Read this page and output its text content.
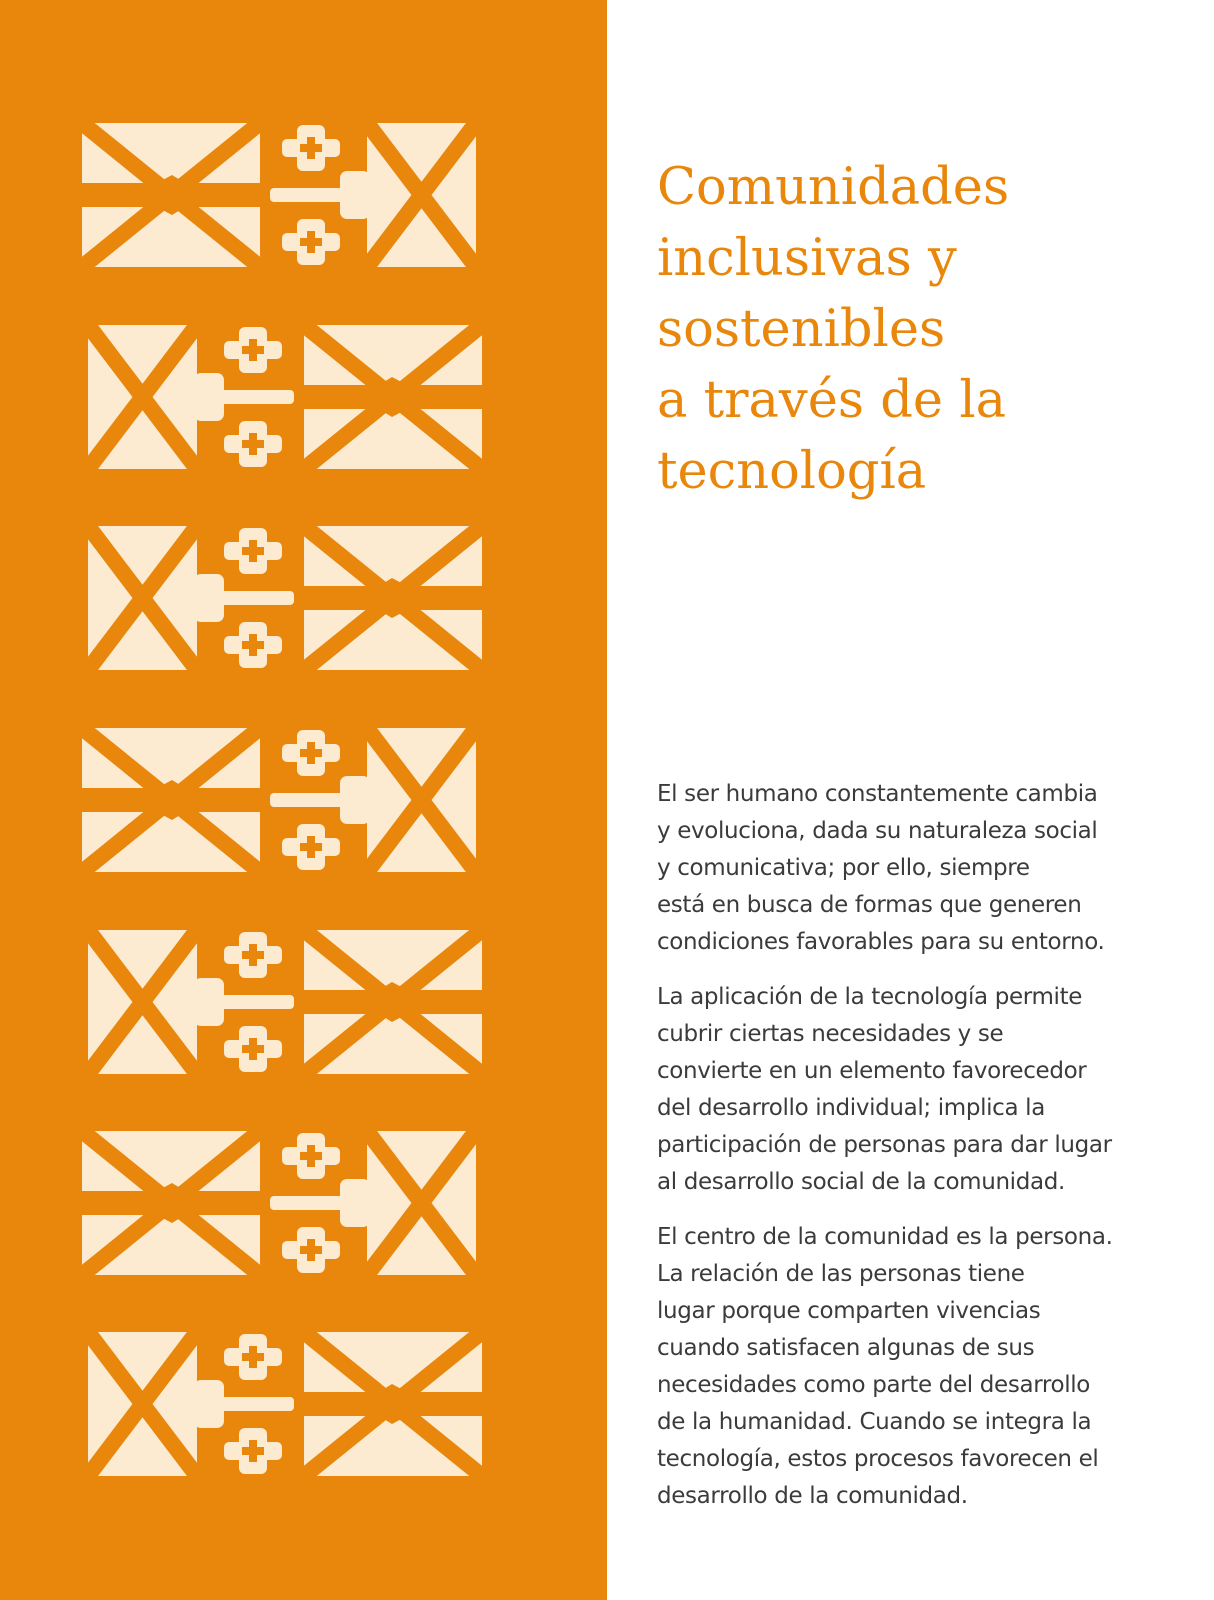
Comunidades
inclusivas y
sostenibles
a través de la
tecnología

El ser humano constantemente cambia
y evoluciona, dada su naturaleza social
y comunicativa; por ello, siempre
está en busca de formas que generen
condiciones favorables para su entorno.

La aplicación de la tecnología permite
cubrir ciertas necesidades y se
convierte en un elemento favorecedor
del desarrollo individual; implica la
participación de personas para dar lugar
al desarrollo social de la comunidad.

El centro de la comunidad es la persona.
La relación de las personas tiene
lugar porque comparten vivencias
cuando satisfacen algunas de sus
necesidades como parte del desarrollo
de la humanidad. Cuando se integra la
tecnología, estos procesos favorecen el
desarrollo de la comunidad.
